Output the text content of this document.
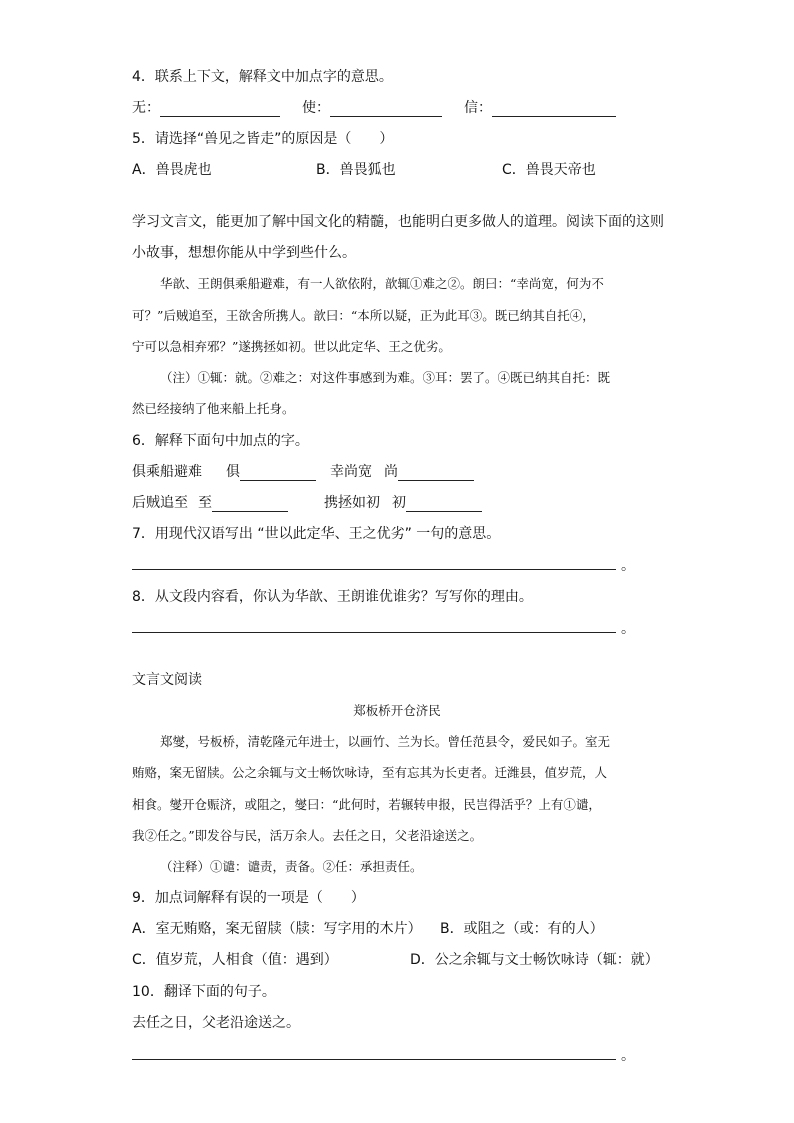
4．联系上下文，解释文中加点字的意思。
无：	使：	信：
5．请选择“兽见之皆走”的原因是（　　）
A．兽畏虎也	B．兽畏狐也	C．兽畏天帝也
学习文言文，能更加了解中国文化的精髓，也能明白更多做人的道理。阅读下面的这则
小故事，想想你能从中学到些什么。
华歆、王朗俱乘船避难，有一人欲依附，歆辄①难之②。朗曰：“幸尚宽，何为不
可？”后贼追至，王欲舍所携人。歆曰：“本所以疑，正为此耳③。既已纳其自托④，
宁可以急相弃邪？”遂携拯如初。世以此定华、王之优劣。
（注）①辄：就。②难之：对这件事感到为难。③耳：罢了。④既已纳其自托：既
然已经接纳了他来船上托身。
6．解释下面句中加点的字。
俱乘船避难 俱	幸尚宽 尚
后贼追至 至	携拯如初 初
7．用现代汉语写出 “世以此定华、王之优劣” 一句的意思。
。
8．从文段内容看，你认为华歆、王朗谁优谁劣？写写你的理由。
。
文言文阅读
郑板桥开仓济民
郑燮，号板桥，清乾隆元年进士，以画竹、兰为长。曾任范县令，爱民如子。室无
贿赂，案无留牍。公之余辄与文士畅饮咏诗，至有忘其为长吏者。迁潍县，值岁荒，人
相食。燮开仓赈济，或阻之，燮曰：“此何时，若辗转申报，民岂得活乎？上有①谴，
我②任之。”即发谷与民，活万余人。去任之日，父老沿途送之。
（注释）①谴：谴责，责备。②任：承担责任。
9．加点词解释有误的一项是（　　）
A．室无贿赂，案无留牍（牍：写字用的木片） B．或阻之（或：有的人）
C．值岁荒，人相食（值：遇到）	D．公之余辄与文士畅饮咏诗（辄：就）
10．翻译下面的句子。
去任之日，父老沿途送之。
。
